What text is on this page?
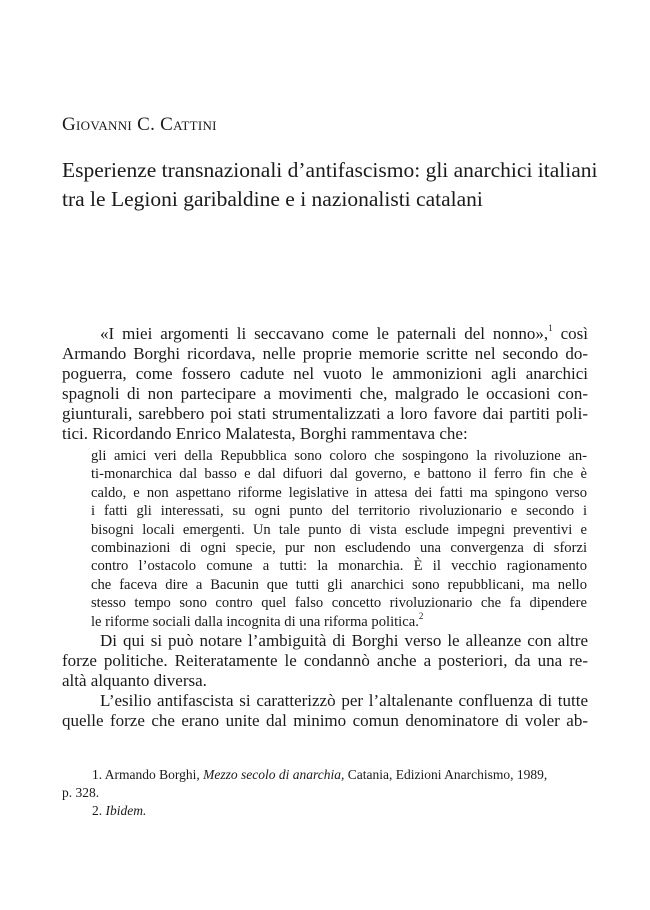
Giovanni C. Cattini
Esperienze transnazionali d’antifascismo: gli anarchici italiani
tra le Legioni garibaldine e i nazionalisti catalani
«I miei argomenti li seccavano come le paternali del nonno»,$^1$ così
Armando Borghi ricordava, nelle proprie memorie scritte nel secondo do-
poguerra, come fossero cadute nel vuoto le ammonizioni agli anarchici
spagnoli di non partecipare a movimenti che, malgrado le occasioni con-
giunturali, sarebbero poi stati strumentalizzati a loro favore dai partiti poli-
tici. Ricordando Enrico Malatesta, Borghi rammentava che:
gli amici veri della Repubblica sono coloro che sospingono la rivoluzione an-
ti-monarchica dal basso e dal difuori dal governo, e battono il ferro fin che è
caldo, e non aspettano riforme legislative in attesa dei fatti ma spingono verso
i fatti gli interessati, su ogni punto del territorio rivoluzionario e secondo i
bisogni locali emergenti. Un tale punto di vista esclude impegni preventivi e
combinazioni di ogni specie, pur non escludendo una convergenza di sforzi
contro l’ostacolo comune a tutti: la monarchia. È il vecchio ragionamento
che faceva dire a Bacunin que tutti gli anarchici sono repubblicani, ma nello
stesso tempo sono contro quel falso concetto rivoluzionario che fa dipendere
le riforme sociali dalla incognita di una riforma politica.$^2$
Di qui si può notare l’ambiguità di Borghi verso le alleanze con altre
forze politiche. Reiteratamente le condannò anche a posteriori, da una re-
altà alquanto diversa.
L’esilio antifascista si caratterizzò per l’altalenante confluenza di tutte
quelle forze che erano unite dal minimo comun denominatore di voler ab-
1. Armando Borghi, Mezzo secolo di anarchia, Catania, Edizioni Anarchismo, 1989,
p. 328.
2. Ibidem.
